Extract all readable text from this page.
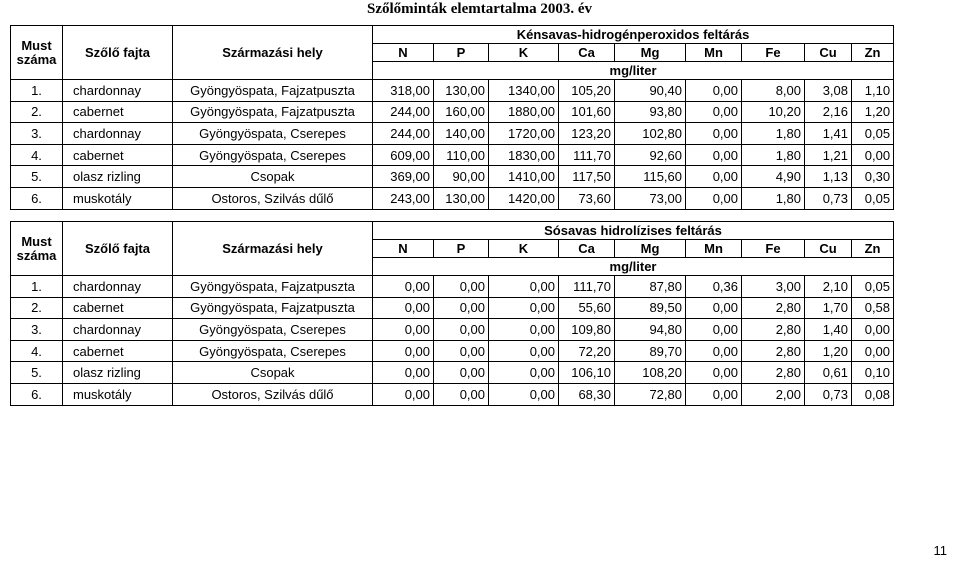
Szőlőminták elemtartalma 2003. év
Must száma	Szőlő fajta	Származási hely	Kénsavas-hidrogénperoxidos feltárás								
			N	P	K	Ca	Mg	Mn	Fe	Cu	Zn
			mg/liter								
1.	chardonnay	Gyöngyöspata, Fajzatpuszta	318,00	130,00	1340,00	105,20	90,40	0,00	8,00	3,08	1,10
2.	cabernet	Gyöngyöspata, Fajzatpuszta	244,00	160,00	1880,00	101,60	93,80	0,00	10,20	2,16	1,20
3.	chardonnay	Gyöngyöspata, Cserepes	244,00	140,00	1720,00	123,20	102,80	0,00	1,80	1,41	0,05
4.	cabernet	Gyöngyöspata, Cserepes	609,00	110,00	1830,00	111,70	92,60	0,00	1,80	1,21	0,00
5.	olasz rizling	Csopak	369,00	90,00	1410,00	117,50	115,60	0,00	4,90	1,13	0,30
6.	muskotály	Ostoros, Szilvás dűlő	243,00	130,00	1420,00	73,60	73,00	0,00	1,80	0,73	0,05
Must száma	Szőlő fajta	Származási hely	Sósavas hidrolízises feltárás								
			N	P	K	Ca	Mg	Mn	Fe	Cu	Zn
			mg/liter								
1.	chardonnay	Gyöngyöspata, Fajzatpuszta	0,00	0,00	0,00	111,70	87,80	0,36	3,00	2,10	0,05
2.	cabernet	Gyöngyöspata, Fajzatpuszta	0,00	0,00	0,00	55,60	89,50	0,00	2,80	1,70	0,58
3.	chardonnay	Gyöngyöspata, Cserepes	0,00	0,00	0,00	109,80	94,80	0,00	2,80	1,40	0,00
4.	cabernet	Gyöngyöspata, Cserepes	0,00	0,00	0,00	72,20	89,70	0,00	2,80	1,20	0,00
5.	olasz rizling	Csopak	0,00	0,00	0,00	106,10	108,20	0,00	2,80	0,61	0,10
6.	muskotály	Ostoros, Szilvás dűlő	0,00	0,00	0,00	68,30	72,80	0,00	2,00	0,73	0,08
11
